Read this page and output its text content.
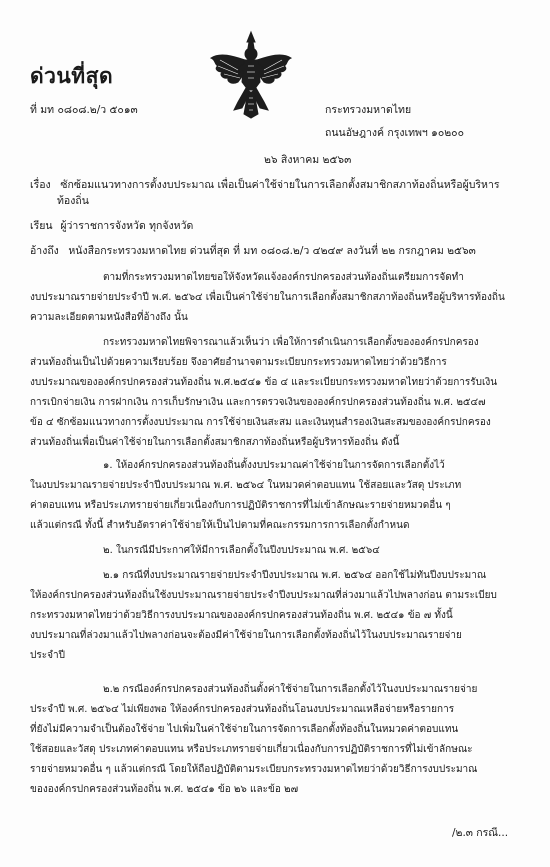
ด่วนที่สุด
ที่ มท ๐๘๐๘.๒/ว ๕๐๑๓	กระทรวงมหาดไทย
ถนนอัษฎางค์ กรุงเทพฯ ๑๐๒๐๐
๒๖ สิงหาคม ๒๕๖๓
เรื่อง ซักซ้อมแนวทางการตั้งงบประมาณ เพื่อเป็นค่าใช้จ่ายในการเลือกตั้งสมาชิกสภาท้องถิ่นหรือผู้บริหาร
ท้องถิ่น
เรียน ผู้ว่าราชการจังหวัด ทุกจังหวัด
อ้างถึง หนังสือกระทรวงมหาดไทย ด่วนที่สุด ที่ มท ๐๘๐๘.๒/ว ๔๒๔๙ ลงวันที่ ๒๒ กรกฎาคม ๒๕๖๓
ตามที่กระทรวงมหาดไทยขอให้จังหวัดแจ้งองค์กรปกครองส่วนท้องถิ่นเตรียมการจัดทำ
งบประมาณรายจ่ายประจำปี พ.ศ. ๒๕๖๔ เพื่อเป็นค่าใช้จ่ายในการเลือกตั้งสมาชิกสภาท้องถิ่นหรือผู้บริหารท้องถิ่น
ความละเอียดตามหนังสือที่อ้างถึง นั้น
กระทรวงมหาดไทยพิจารณาแล้วเห็นว่า เพื่อให้การดำเนินการเลือกตั้งขององค์กรปกครอง
ส่วนท้องถิ่นเป็นไปด้วยความเรียบร้อย จึงอาศัยอำนาจตามระเบียบกระทรวงมหาดไทยว่าด้วยวิธีการ
งบประมาณขององค์กรปกครองส่วนท้องถิ่น พ.ศ.๒๕๔๑ ข้อ ๔ และระเบียบกระทรวงมหาดไทยว่าด้วยการรับเงิน
การเบิกจ่ายเงิน การฝากเงิน การเก็บรักษาเงิน และการตรวจเงินขององค์กรปกครองส่วนท้องถิ่น พ.ศ. ๒๕๔๗
ข้อ ๔ ซักซ้อมแนวทางการตั้งงบประมาณ การใช้จ่ายเงินสะสม และเงินทุนสำรองเงินสะสมขององค์กรปกครอง
ส่วนท้องถิ่นเพื่อเป็นค่าใช้จ่ายในการเลือกตั้งสมาชิกสภาท้องถิ่นหรือผู้บริหารท้องถิ่น ดังนี้
๑. ให้องค์กรปกครองส่วนท้องถิ่นตั้งงบประมาณค่าใช้จ่ายในการจัดการเลือกตั้งไว้
ในงบประมาณรายจ่ายประจำปีงบประมาณ พ.ศ. ๒๕๖๔ ในหมวดค่าตอบแทน ใช้สอยและวัสดุ ประเภท
ค่าตอบแทน หรือประเภทรายจ่ายเกี่ยวเนื่องกับการปฏิบัติราชการที่ไม่เข้าลักษณะรายจ่ายหมวดอื่น ๆ
แล้วแต่กรณี ทั้งนี้ สำหรับอัตราค่าใช้จ่ายให้เป็นไปตามที่คณะกรรมการการเลือกตั้งกำหนด
๒. ในกรณีมีประกาศให้มีการเลือกตั้งในปีงบประมาณ พ.ศ. ๒๕๖๔
๒.๑ กรณีที่งบประมาณรายจ่ายประจำปีงบประมาณ พ.ศ. ๒๕๖๔ ออกใช้ไม่ทันปีงบประมาณ
ให้องค์กรปกครองส่วนท้องถิ่นใช้งบประมาณรายจ่ายประจำปีงบประมาณที่ล่วงมาแล้วไปพลางก่อน ตามระเบียบ
กระทรวงมหาดไทยว่าด้วยวิธีการงบประมาณขององค์กรปกครองส่วนท้องถิ่น พ.ศ. ๒๕๔๑ ข้อ ๗ ทั้งนี้
งบประมาณที่ล่วงมาแล้วไปพลางก่อนจะต้องมีค่าใช้จ่ายในการเลือกตั้งท้องถิ่นไว้ในงบประมาณรายจ่าย
ประจำปี
๒.๒ กรณีองค์กรปกครองส่วนท้องถิ่นตั้งค่าใช้จ่ายในการเลือกตั้งไว้ในงบประมาณรายจ่าย
ประจำปี พ.ศ. ๒๕๖๔ ไม่เพียงพอ ให้องค์กรปกครองส่วนท้องถิ่นโอนงบประมาณเหลือจ่ายหรือรายการ
ที่ยังไม่มีความจำเป็นต้องใช้จ่าย ไปเพิ่มในค่าใช้จ่ายในการจัดการเลือกตั้งท้องถิ่นในหมวดค่าตอบแทน
ใช้สอยและวัสดุ ประเภทค่าตอบแทน หรือประเภทรายจ่ายเกี่ยวเนื่องกับการปฏิบัติราชการที่ไม่เข้าลักษณะ
รายจ่ายหมวดอื่น ๆ แล้วแต่กรณี โดยให้ถือปฏิบัติตามระเบียบกระทรวงมหาดไทยว่าด้วยวิธีการงบประมาณ
ขององค์กรปกครองส่วนท้องถิ่น พ.ศ. ๒๕๔๑ ข้อ ๒๖ และข้อ ๒๗
/๒.๓ กรณี...
